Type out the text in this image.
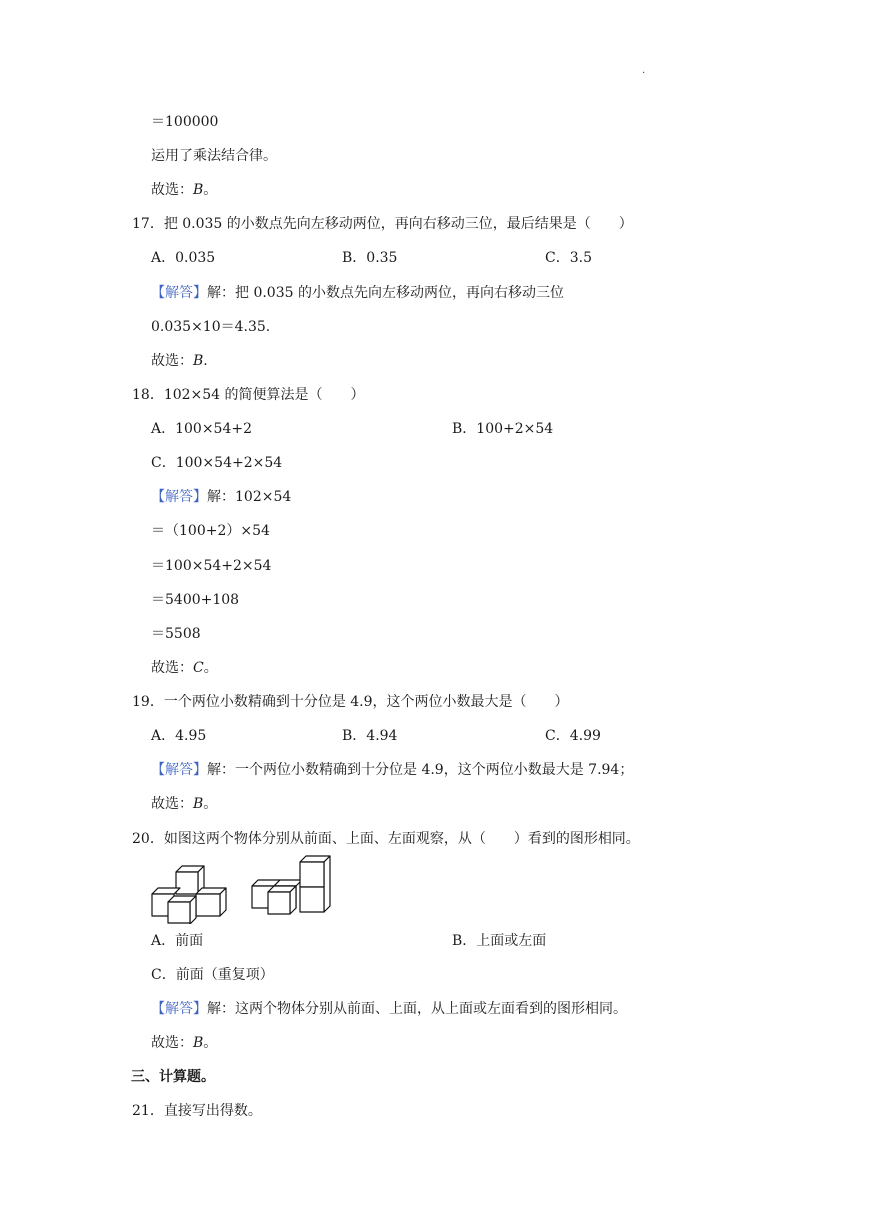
·
＝100000
运用了乘法结合律。
故选：B。
17．把 0.035 的小数点先向左移动两位，再向右移动三位，最后结果是（　　）
A．0.035	B．0.35	C．3.5
【解答】解：把 0.035 的小数点先向左移动两位，再向右移动三位
0.035×10＝4.35.
故选：B.
18．102×54 的简便算法是（　　）
A．100×54+2	B．100+2×54
C．100×54+2×54
【解答】解：102×54
＝（100+2）×54
＝100×54+2×54
＝5400+108
＝5508
故选：C。
19．一个两位小数精确到十分位是 4.9，这个两位小数最大是（　　）
A．4.95	B．4.94	C．4.99
【解答】解：一个两位小数精确到十分位是 4.9，这个两位小数最大是 7.94；
故选：B。
20．如图这两个物体分别从前面、上面、左面观察，从（　　）看到的图形相同。
A．前面	B．上面或左面
C．前面（重复项）
【解答】解：这两个物体分别从前面、上面，从上面或左面看到的图形相同。
故选：B。
三、计算题。
21．直接写出得数。
